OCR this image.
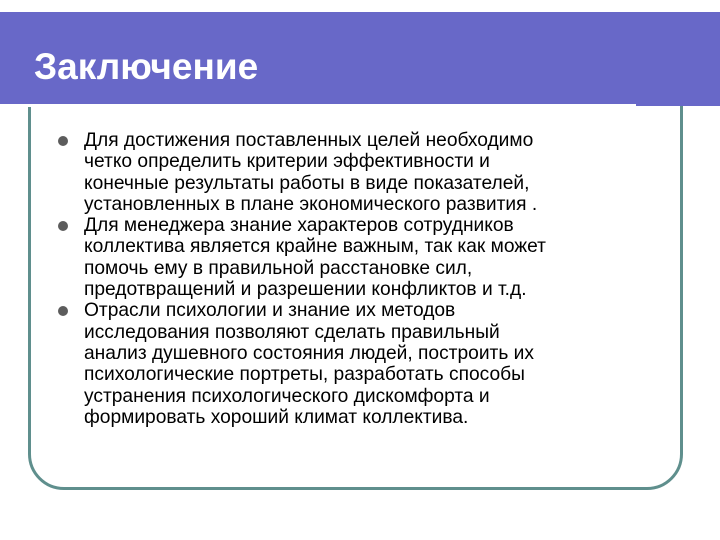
Заключение
Для достижения поставленных целей необходимо
четко определить критерии эффективности и
конечные результаты работы в виде показателей,
установленных в плане экономического развития .
Для менеджера знание характеров сотрудников
коллектива является крайне важным, так как может
помочь ему в правильной расстановке сил,
предотвращений и разрешении конфликтов и т.д.
Отрасли психологии и знание их методов
исследования позволяют сделать правильный
анализ душевного состояния людей, построить их
психологические портреты, разработать способы
устранения психологического дискомфорта и
формировать хороший климат коллектива.
